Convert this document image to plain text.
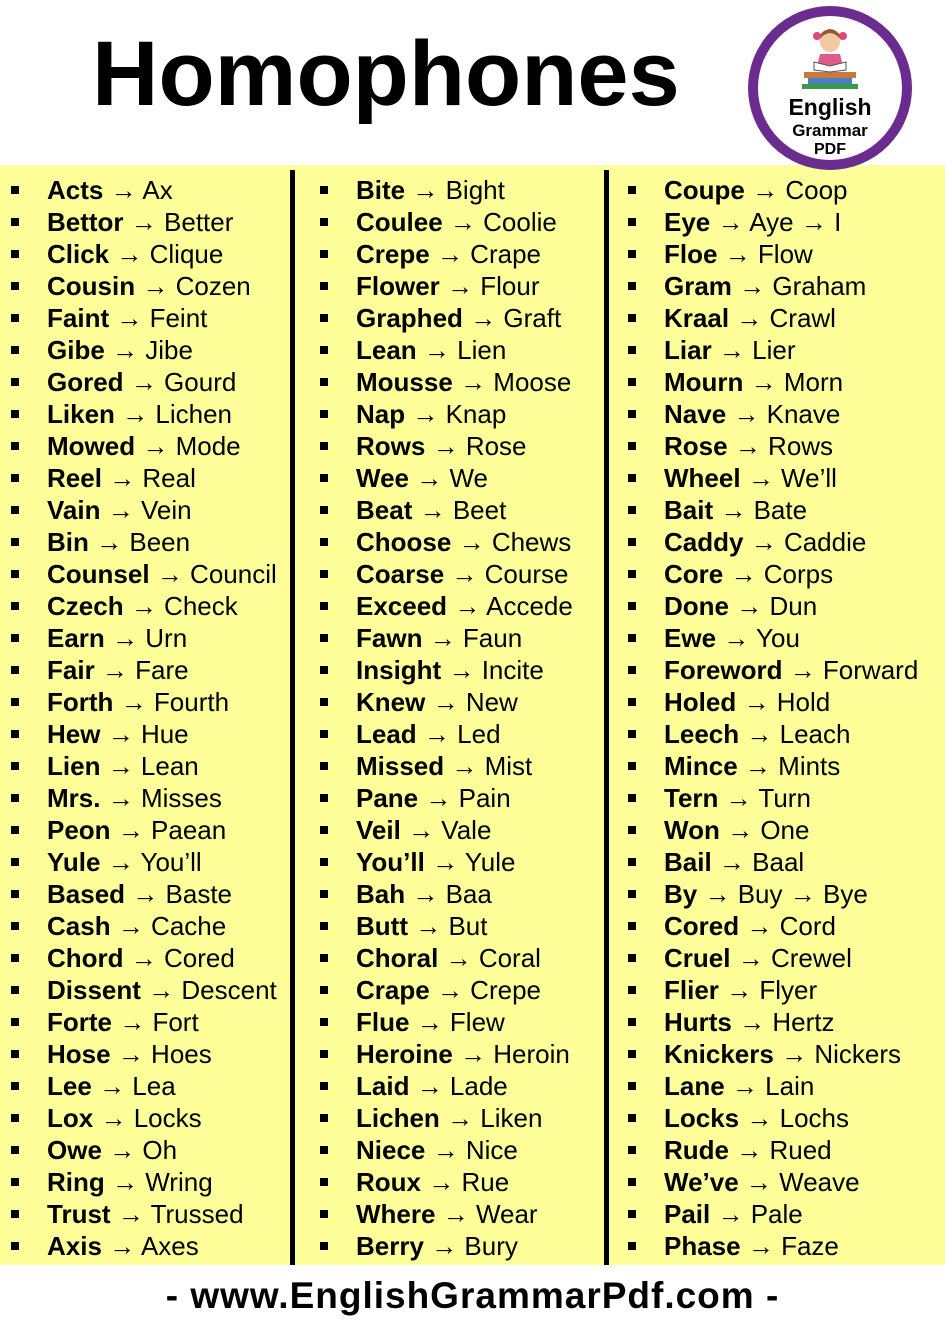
Homophones	English
Grammar
PDF
Acts → Ax
Bettor → Better
Click → Clique
Cousin → Cozen
Faint → Feint
Gibe → Jibe
Gored → Gourd
Liken → Lichen
Mowed → Mode
Reel → Real
Vain → Vein
Bin → Been
Counsel → Council
Czech → Check
Earn → Urn
Fair → Fare
Forth → Fourth
Hew → Hue
Lien → Lean
Mrs. → Misses
Peon → Paean
Yule → You’ll
Based → Baste
Cash → Cache
Chord → Cored
Dissent → Descent
Forte → Fort
Hose → Hoes
Lee → Lea
Lox → Locks
Owe → Oh
Ring → Wring
Trust → Trussed
Axis → Axes
Bite → Bight
Coulee → Coolie
Crepe → Crape
Flower → Flour
Graphed → Graft
Lean → Lien
Mousse → Moose
Nap → Knap
Rows → Rose
Wee → We
Beat → Beet
Choose → Chews
Coarse → Course
Exceed → Accede
Fawn → Faun
Insight → Incite
Knew → New
Lead → Led
Missed → Mist
Pane → Pain
Veil → Vale
You’ll → Yule
Bah → Baa
Butt → But
Choral → Coral
Crape → Crepe
Flue → Flew
Heroine → Heroin
Laid → Lade
Lichen → Liken
Niece → Nice
Roux → Rue
Where → Wear
Berry → Bury
Coupe → Coop
Eye → Aye → I
Floe → Flow
Gram → Graham
Kraal → Crawl
Liar → Lier
Mourn → Morn
Nave → Knave
Rose → Rows
Wheel → We’ll
Bait → Bate
Caddy → Caddie
Core → Corps
Done → Dun
Ewe → You
Foreword → Forward
Holed → Hold
Leech → Leach
Mince → Mints
Tern → Turn
Won → One
Bail → Baal
By → Buy → Bye
Cored → Cord
Cruel → Crewel
Flier → Flyer
Hurts → Hertz
Knickers → Nickers
Lane → Lain
Locks → Lochs
Rude → Rued
We’ve → Weave
Pail → Pale
Phase → Faze
- www.EnglishGrammarPdf.com -
